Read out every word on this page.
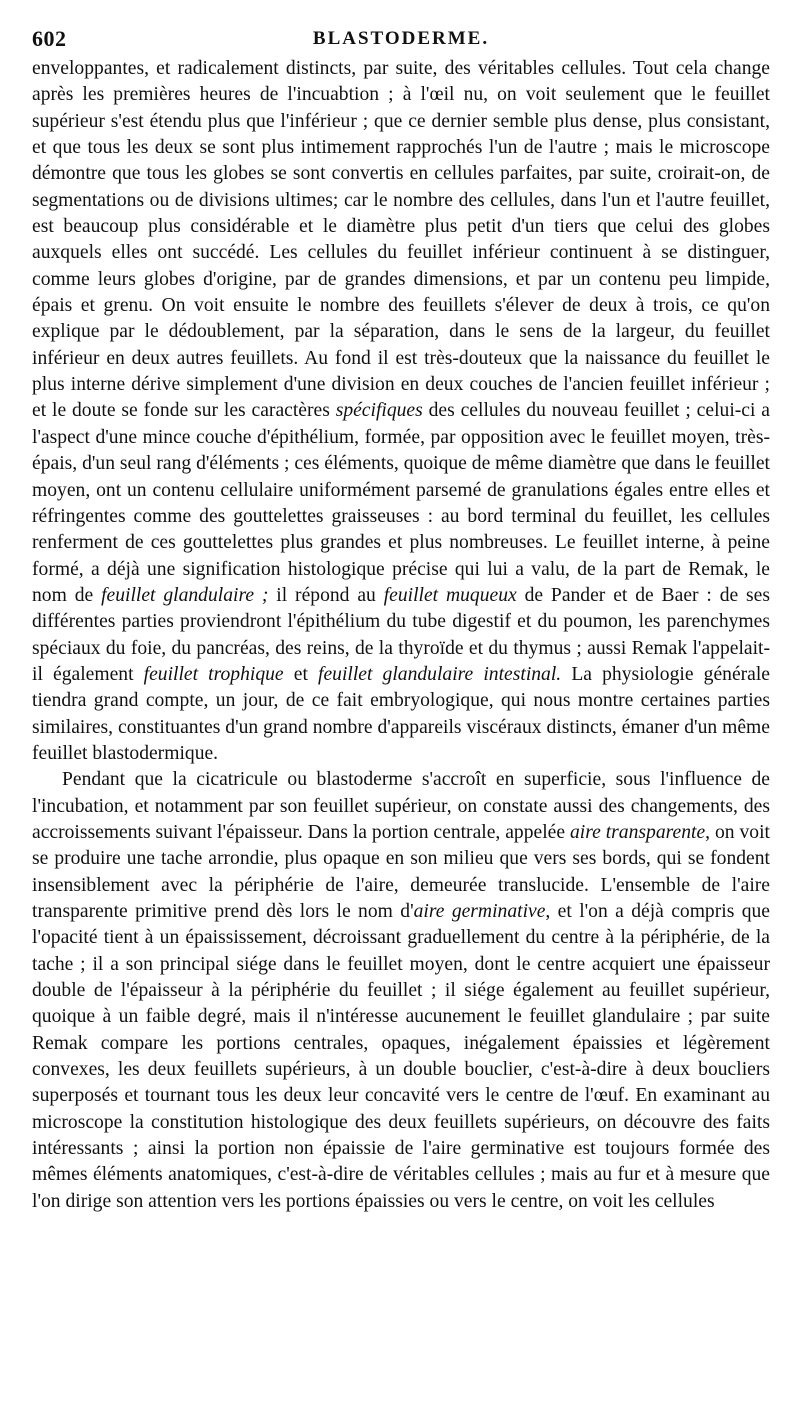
602	BLASTODERME.

enveloppantes, et radicalement distincts, par suite, des véritables cellules. Tout cela change après les premières heures de l'incuabtion ; à l'œil nu, on voit seulement que le feuillet supérieur s'est étendu plus que l'inférieur ; que ce dernier semble plus dense, plus consistant, et que tous les deux se sont plus intimement rapprochés l'un de l'autre ; mais le microscope démontre que tous les globes se sont convertis en cellules parfaites, par suite, croirait-on, de segmentations ou de divisions ultimes; car le nombre des cellules, dans l'un et l'autre feuillet, est beaucoup plus considérable et le diamètre plus petit d'un tiers que celui des globes auxquels elles ont succédé. Les cellules du feuillet inférieur continuent à se distinguer, comme leurs globes d'origine, par de grandes dimensions, et par un contenu peu limpide, épais et grenu. On voit ensuite le nombre des feuillets s'élever de deux à trois, ce qu'on explique par le dédoublement, par la séparation, dans le sens de la largeur, du feuillet inférieur en deux autres feuillets. Au fond il est très-douteux que la naissance du feuillet le plus interne dérive simplement d'une division en deux couches de l'ancien feuillet inférieur ; et le doute se fonde sur les caractères spécifiques des cellules du nouveau feuillet ; celui-ci a l'aspect d'une mince couche d'épithélium, formée, par opposition avec le feuillet moyen, très-épais, d'un seul rang d'éléments ; ces éléments, quoique de même diamètre que dans le feuillet moyen, ont un contenu cellulaire uniformément parsemé de granulations égales entre elles et réfringentes comme des gouttelettes graisseuses : au bord terminal du feuillet, les cellules renferment de ces gouttelettes plus grandes et plus nombreuses. Le feuillet interne, à peine formé, a déjà une signification histologique précise qui lui a valu, de la part de Remak, le nom de feuillet glandulaire ; il répond au feuillet muqueux de Pander et de Baer : de ses différentes parties proviendront l'épithélium du tube digestif et du poumon, les parenchymes spéciaux du foie, du pancréas, des reins, de la thyroïde et du thymus ; aussi Remak l'appelait-il également feuillet trophique et feuillet glandulaire intestinal. La physiologie générale tiendra grand compte, un jour, de ce fait embryologique, qui nous montre certaines parties similaires, constituantes d'un grand nombre d'appareils viscéraux distincts, émaner d'un même feuillet blastodermique.

Pendant que la cicatricule ou blastoderme s'accroît en superficie, sous l'influence de l'incubation, et notamment par son feuillet supérieur, on constate aussi des changements, des accroissements suivant l'épaisseur. Dans la portion centrale, appelée aire transparente, on voit se produire une tache arrondie, plus opaque en son milieu que vers ses bords, qui se fondent insensiblement avec la périphérie de l'aire, demeurée translucide. L'ensemble de l'aire transparente primitive prend dès lors le nom d'aire germinative, et l'on a déjà compris que l'opacité tient à un épaississement, décroissant graduellement du centre à la périphérie, de la tache ; il a son principal siége dans le feuillet moyen, dont le centre acquiert une épaisseur double de l'épaisseur à la périphérie du feuillet ; il siége également au feuillet supérieur, quoique à un faible degré, mais il n'intéresse aucunement le feuillet glandulaire ; par suite Remak compare les portions centrales, opaques, inégalement épaissies et légèrement convexes, les deux feuillets supérieurs, à un double bouclier, c'est-à-dire à deux boucliers superposés et tournant tous les deux leur concavité vers le centre de l'œuf. En examinant au microscope la constitution histologique des deux feuillets supérieurs, on découvre des faits intéressants ; ainsi la portion non épaissie de l'aire germinative est toujours formée des mêmes éléments anatomiques, c'est-à-dire de véritables cellules ; mais au fur et à mesure que l'on dirige son attention vers les portions épaissies ou vers le centre, on voit les cellules
